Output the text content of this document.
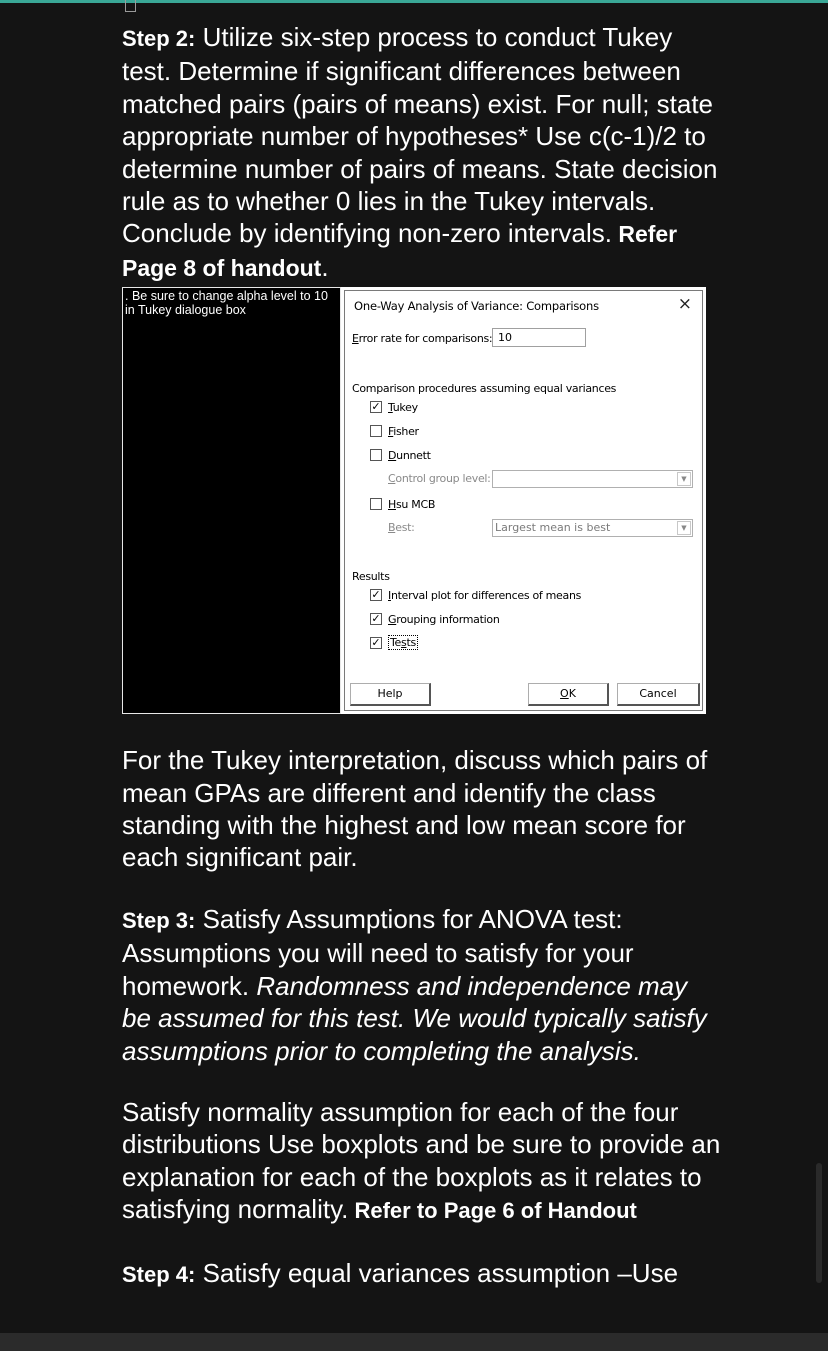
Step 2: Utilize six-step process to conduct Tukey test. Determine if significant differences between matched pairs (pairs of means) exist. For null; state appropriate number of hypotheses* Use c(c-1)/2 to determine number of pairs of means. State decision rule as to whether 0 lies in the Tukey intervals. Conclude by identifying non-zero intervals. Refer Page 8 of handout.

. Be sure to change alpha level to 10 in Tukey dialogue box	One-Way Analysis of Variance: Comparisons	×
Error rate for comparisons: 10
Comparison procedures assuming equal variances
✓ Tukey
Fisher
Dunnett
Control group level:	▼
Hsu MCB
Best:	Largest mean is best	▼
Results
✓ Interval plot for differences of means
✓ Grouping information
✓ Tests
Help	OK	Cancel

For the Tukey interpretation, discuss which pairs of mean GPAs are different and identify the class standing with the highest and low mean score for each significant pair.

Step 3: Satisfy Assumptions for ANOVA test: Assumptions you will need to satisfy for your homework. Randomness and independence may be assumed for this test. We would typically satisfy assumptions prior to completing the analysis.

Satisfy normality assumption for each of the four distributions Use boxplots and be sure to provide an explanation for each of the boxplots as it relates to satisfying normality. Refer to Page 6 of Handout

Step 4: Satisfy equal variances assumption –Use
